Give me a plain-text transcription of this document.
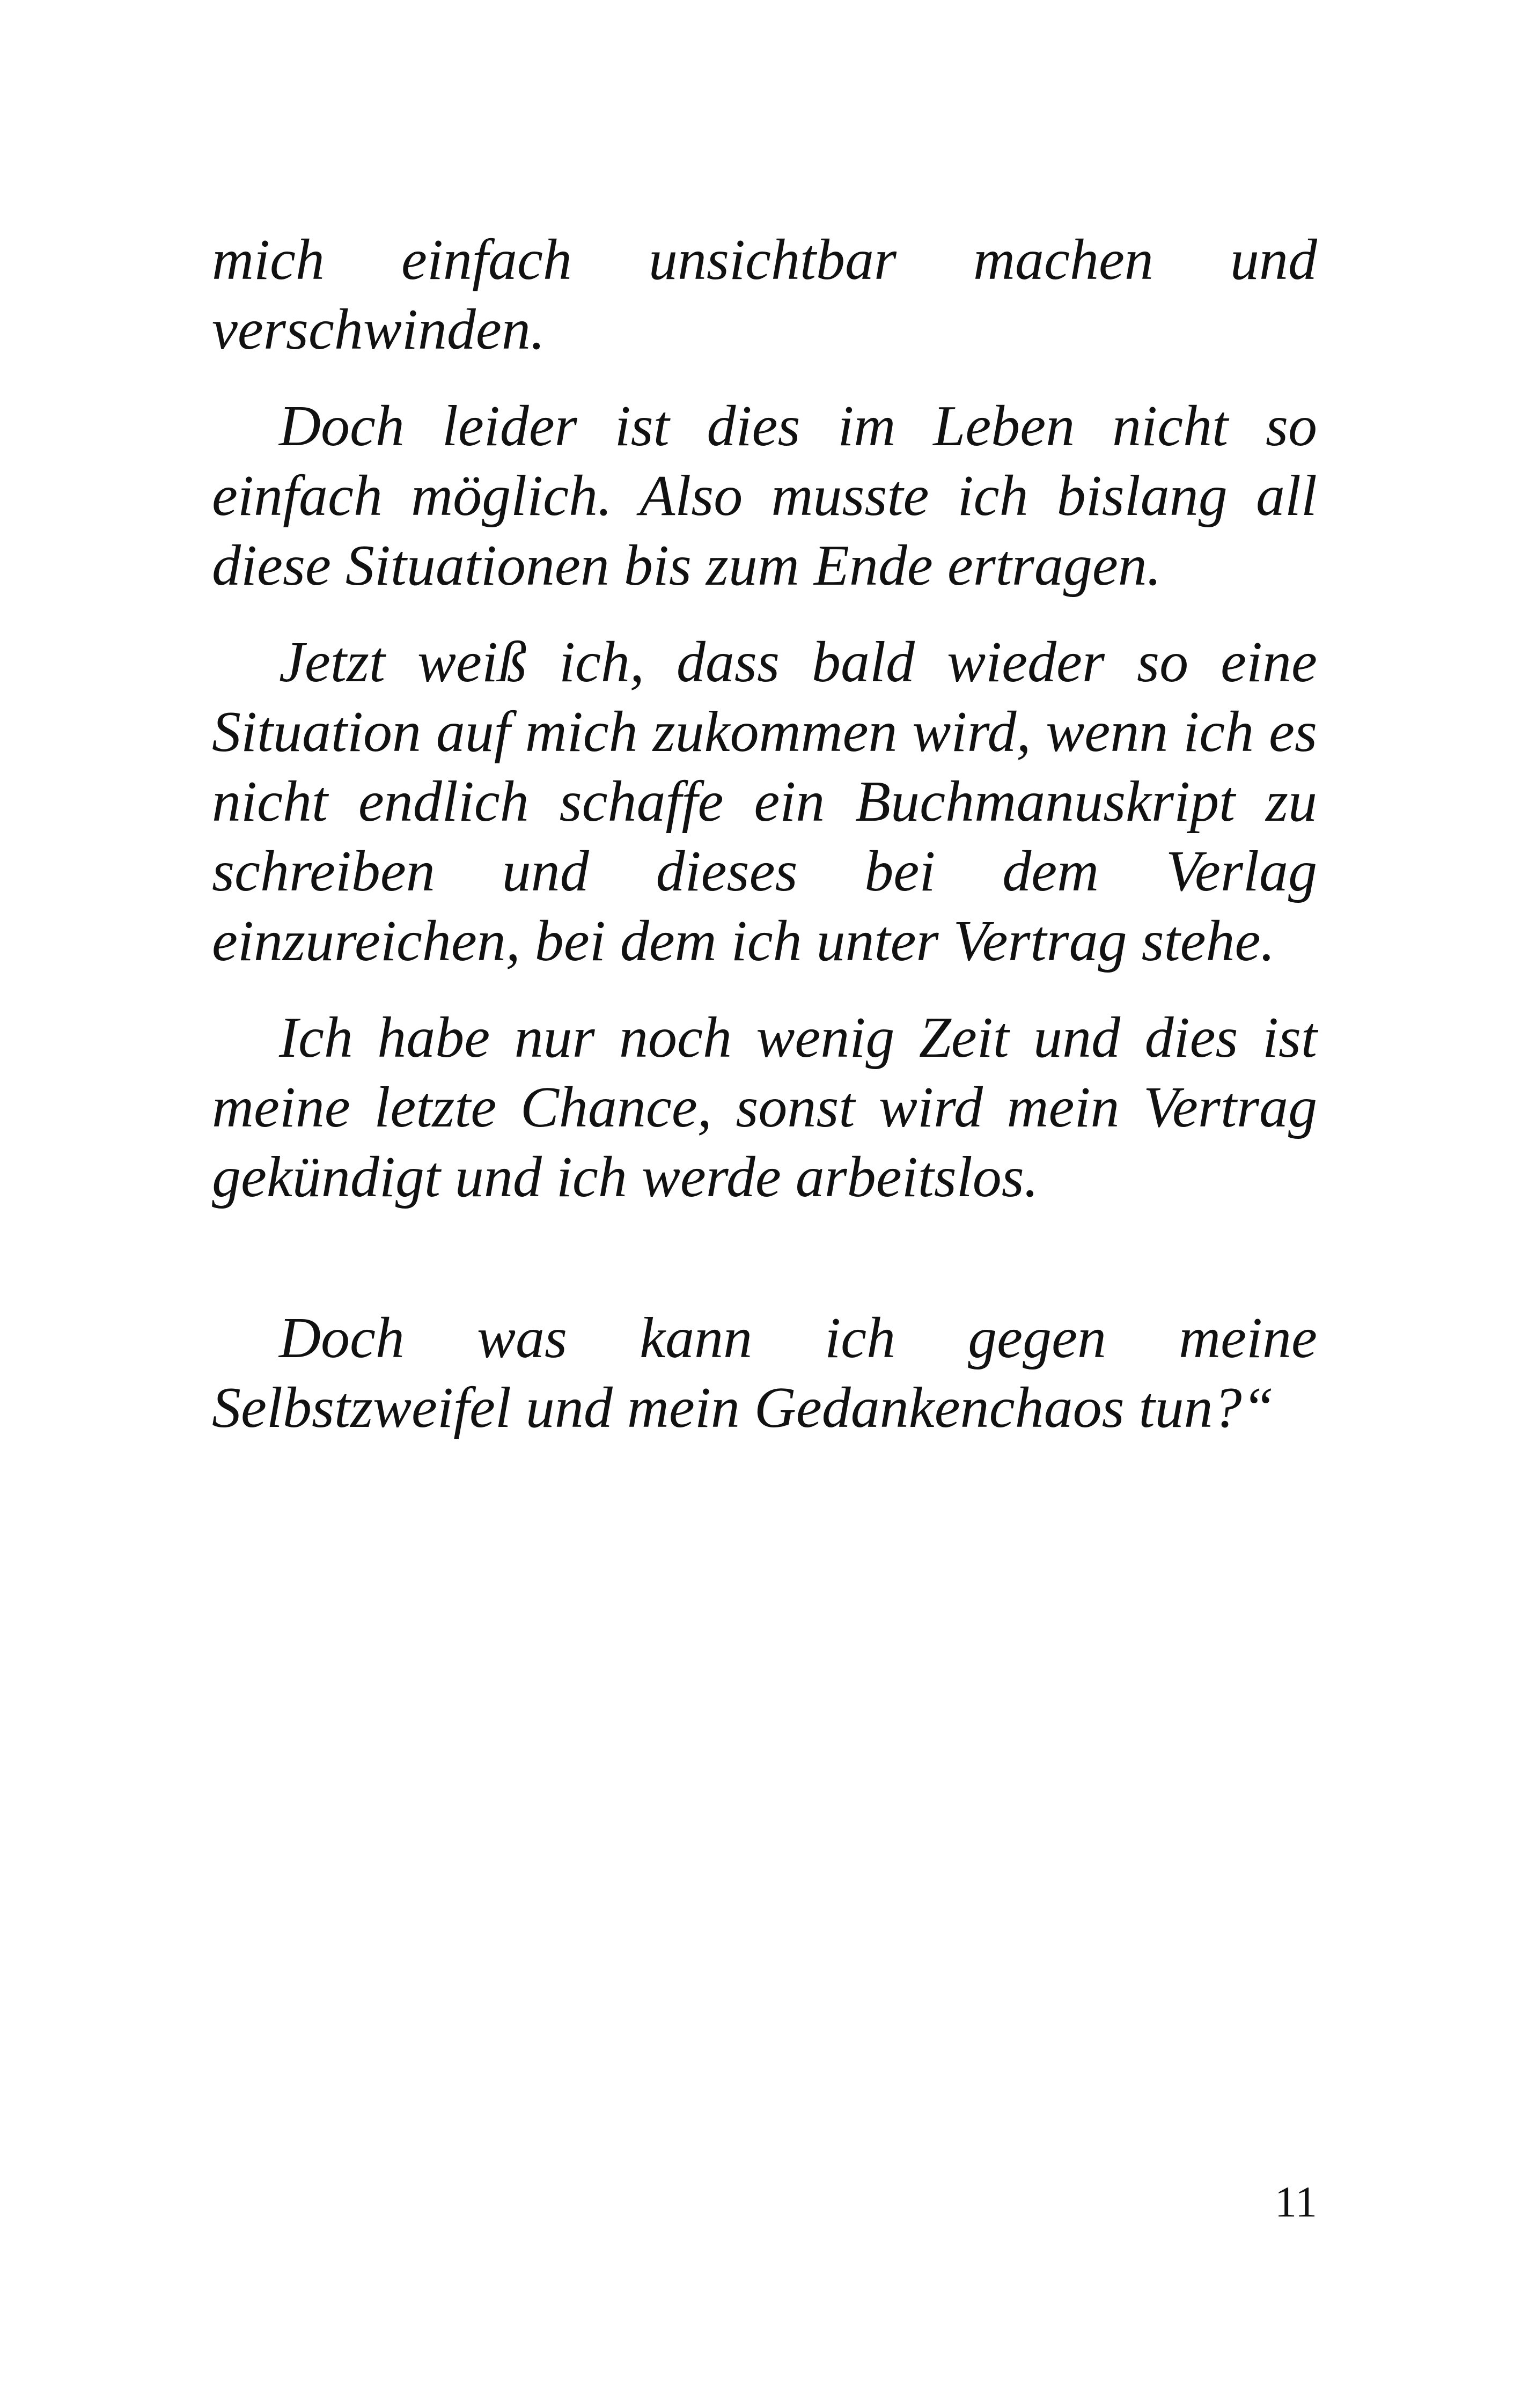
mich einfach unsichtbar machen und verschwinden.

Doch leider ist dies im Leben nicht so einfach möglich. Also musste ich bislang all diese Situationen bis zum Ende ertragen.

Jetzt weiß ich, dass bald wieder so eine Situation auf mich zukommen wird, wenn ich es nicht endlich schaffe ein Buchmanuskript zu schreiben und dieses bei dem Verlag einzureichen, bei dem ich unter Vertrag stehe.

Ich habe nur noch wenig Zeit und dies ist meine letzte Chance, sonst wird mein Vertrag gekündigt und ich werde arbeitslos.

Doch was kann ich gegen meine Selbstzweifel und mein Gedankenchaos tun?“

11
